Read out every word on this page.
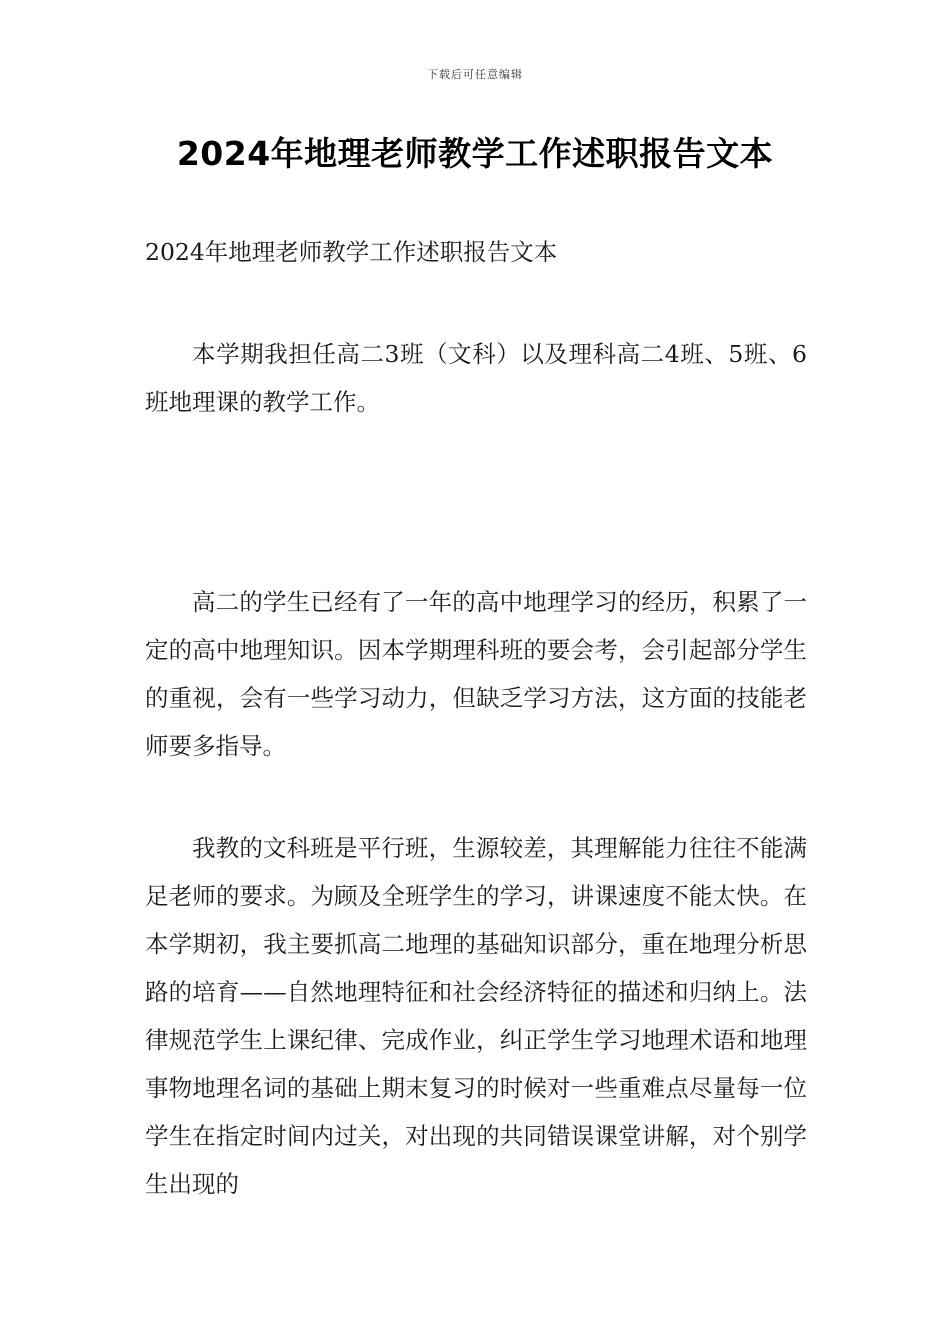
下载后可任意编辑
2024年地理老师教学工作述职报告文本

2024年地理老师教学工作述职报告文本

本学期我担任高二3班（文科）以及理科高二4班、5班、6班地理课的教学工作。

高二的学生已经有了一年的高中地理学习的经历，积累了一定的高中地理知识。因本学期理科班的要会考，会引起部分学生的重视，会有一些学习动力，但缺乏学习方法，这方面的技能老师要多指导。

我教的文科班是平行班，生源较差，其理解能力往往不能满足老师的要求。为顾及全班学生的学习，讲课速度不能太快。在本学期初，我主要抓高二地理的基础知识部分，重在地理分析思路的培育——自然地理特征和社会经济特征的描述和归纳上。法律规范学生上课纪律、完成作业，纠正学生学习地理术语和地理事物地理名词的基础上期末复习的时候对一些重难点尽量每一位学生在指定时间内过关，对出现的共同错误课堂讲解，对个别学生出现的
